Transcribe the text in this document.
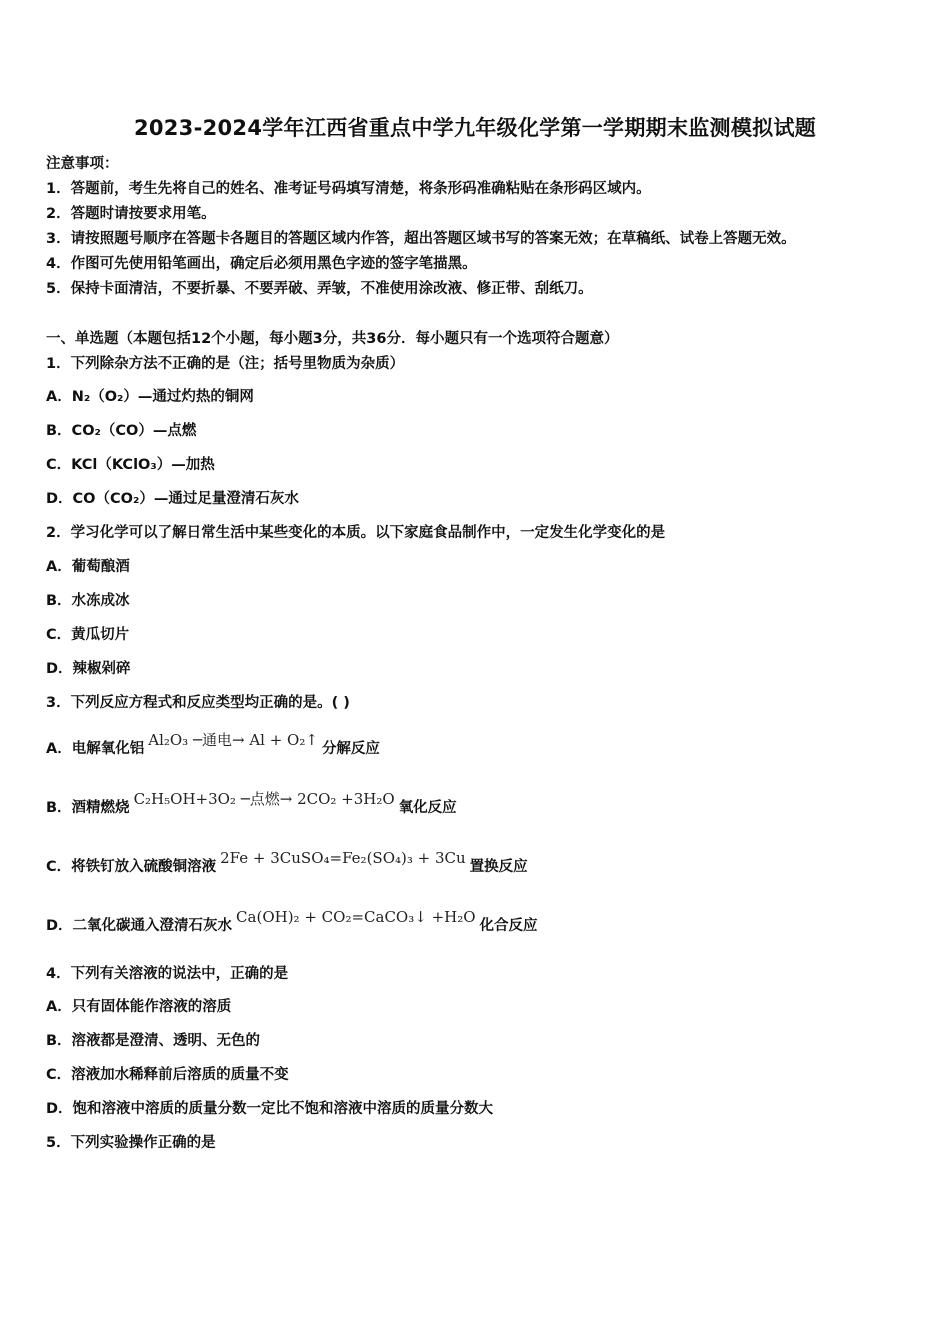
2023-2024学年江西省重点中学九年级化学第一学期期末监测模拟试题
注意事项：
1．答题前，考生先将自己的姓名、准考证号码填写清楚，将条形码准确粘贴在条形码区域内。
2．答题时请按要求用笔。
3．请按照题号顺序在答题卡各题目的答题区域内作答，超出答题区域书写的答案无效；在草稿纸、试卷上答题无效。
4．作图可先使用铅笔画出，确定后必须用黑色字迹的签字笔描黑。
5．保持卡面清洁，不要折暴、不要弄破、弄皱，不准使用涂改液、修正带、刮纸刀。
一、单选题（本题包括12个小题，每小题3分，共36分．每小题只有一个选项符合题意）
1．下列除杂方法不正确的是（注；括号里物质为杂质）
A．N₂（O₂）—通过灼热的铜网
B．CO₂（CO）—点燃
C．KCl（KClO₃）—加热
D．CO（CO₂）—通过足量澄清石灰水
2．学习化学可以了解日常生活中某些变化的本质。以下家庭食品制作中，一定发生化学变化的是
A．葡萄酿酒
B．水冻成冰
C．黄瓜切片
D．辣椒剁碎
3．下列反应方程式和反应类型均正确的是。( )
A．电解氧化铝 Al₂O₃ ─通电→ Al + O₂↑ 分解反应
B．酒精燃烧 C₂H₅OH+3O₂ ─点燃→ 2CO₂ +3H₂O 氧化反应
C．将铁钉放入硫酸铜溶液 2Fe + 3CuSO₄=Fe₂(SO₄)₃ + 3Cu 置换反应
D．二氧化碳通入澄清石灰水 Ca(OH)₂ + CO₂=CaCO₃↓ +H₂O 化合反应
4．下列有关溶液的说法中，正确的是
A．只有固体能作溶液的溶质
B．溶液都是澄清、透明、无色的
C．溶液加水稀释前后溶质的质量不变
D．饱和溶液中溶质的质量分数一定比不饱和溶液中溶质的质量分数大
5．下列实验操作正确的是
